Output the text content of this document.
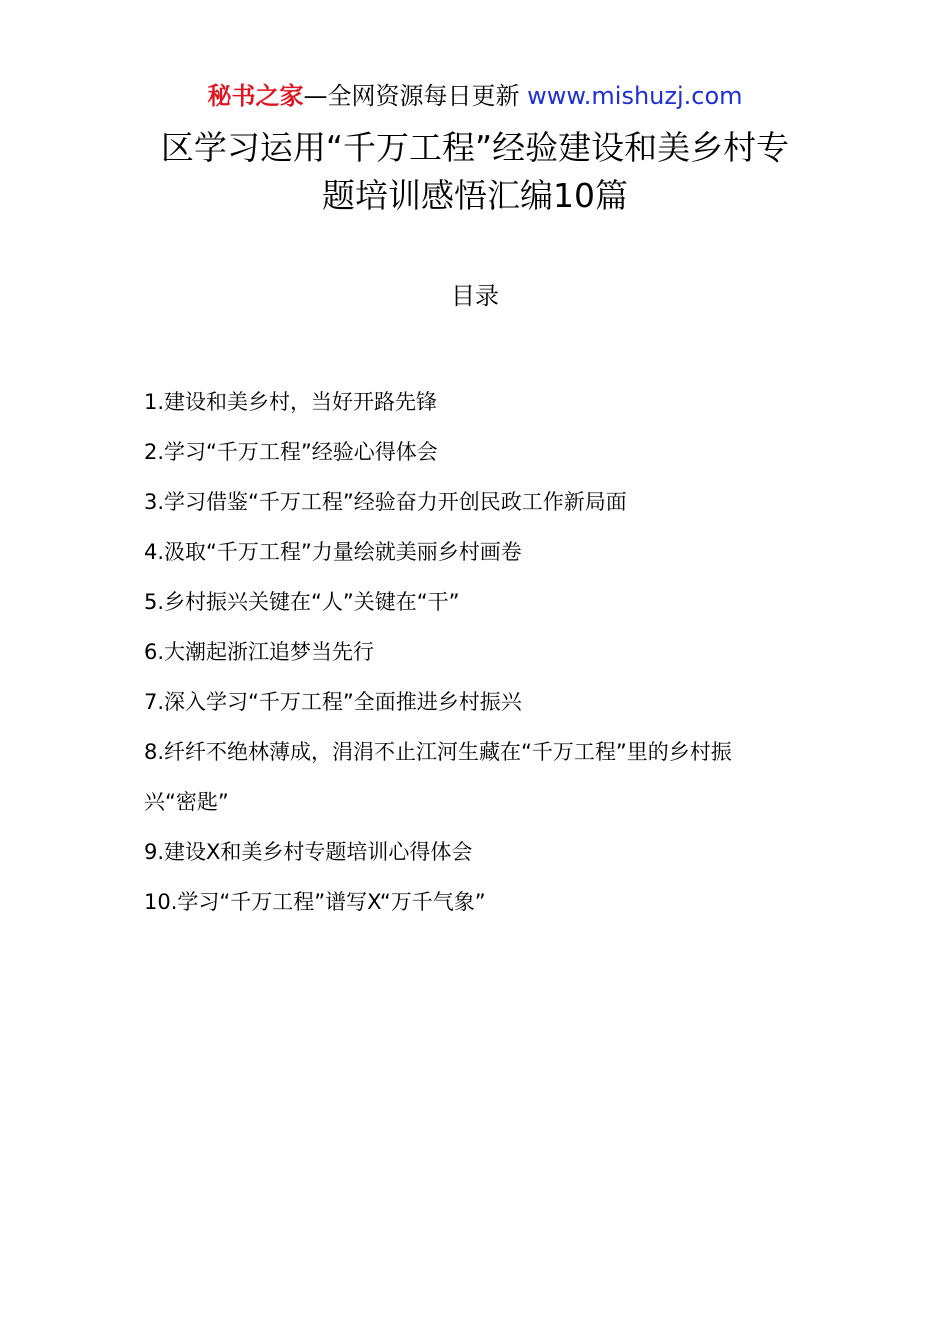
秘书之家—全网资源每日更新 www.mishuzj.com
区学习运用“千万工程”经验建设和美乡村专
题培训感悟汇编10篇
目录
1.建设和美乡村，当好开路先锋
2.学习“千万工程”经验心得体会
3.学习借鉴“千万工程”经验奋力开创民政工作新局面
4.汲取“千万工程”力量绘就美丽乡村画卷
5.乡村振兴关键在“人”关键在“干”
6.大潮起浙江追梦当先行
7.深入学习“千万工程”全面推进乡村振兴
8.纤纤不绝林薄成，涓涓不止江河生藏在“千万工程”里的乡村振
兴“密匙”
9.建设X和美乡村专题培训心得体会
10.学习“千万工程”谱写X“万千气象”
